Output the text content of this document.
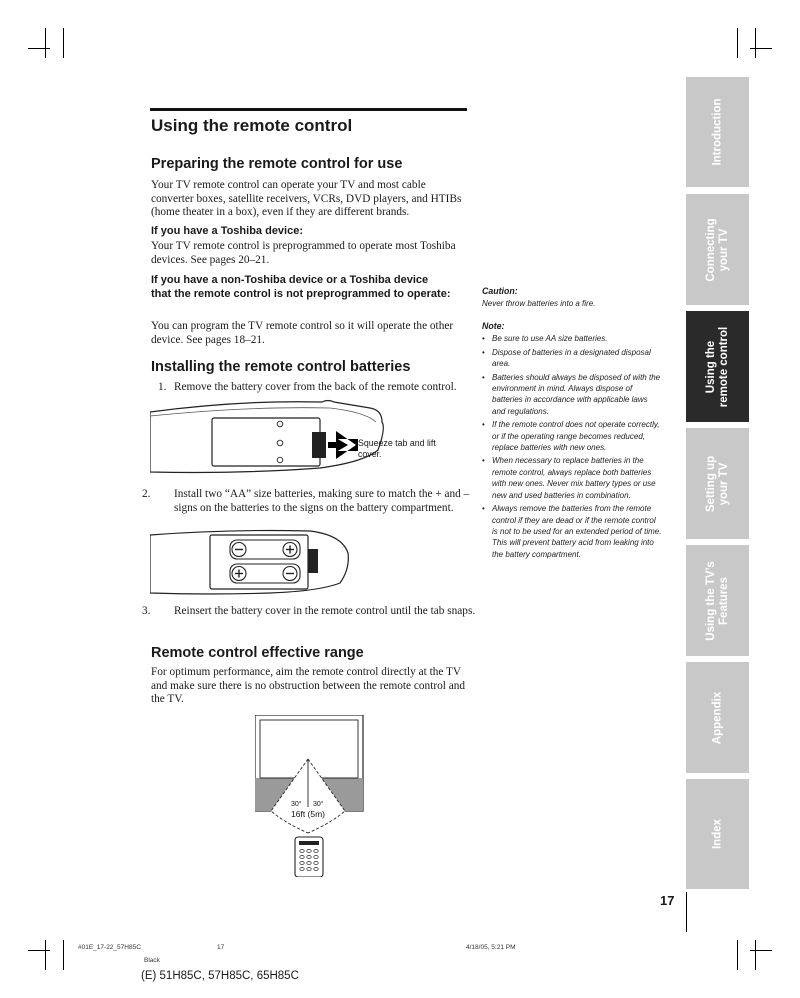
Using the remote control
Preparing the remote control for use

Your TV remote control can operate your TV and most cable converter boxes, satellite receivers, VCRs, DVD players, and HTIBs (home theater in a box), even if they are different brands.

If you have a Toshiba device:

Your TV remote control is preprogrammed to operate most Toshiba devices. See pages 20–21.

If you have a non-Toshiba device or a Toshiba device that the remote control is not preprogrammed to operate:

You can program the TV remote control so it will operate the other device. See pages 18–21.

Installing the remote control batteries
1. Remove the battery cover from the back of the remote control.
Squeeze tab and lift cover.
2. Install two “AA” size batteries, making sure to match the + and – signs on the batteries to the signs on the battery compartment.
3. Reinsert the battery cover in the remote control until the tab snaps.
Remote control effective range

For optimum performance, aim the remote control directly at the TV and make sure there is no obstruction between the remote control and the TV.

30° 30°
16ft (5m)
Caution:

Never throw batteries into a fire.

Note:
• Be sure to use AA size batteries.
• Dispose of batteries in a designated disposal area.
• Batteries should always be disposed of with the environment in mind. Always dispose of batteries in accordance with applicable laws and regulations.
• If the remote control does not operate correctly, or if the operating range becomes reduced, replace batteries with new ones.
• When necessary to replace batteries in the remote control, always replace both batteries with new ones. Never mix battery types or use new and used batteries in combination.
• Always remove the batteries from the remote control if they are dead or if the remote control is not to be used for an extended period of time. This will prevent battery acid from leaking into the battery compartment.
Introduction
Connecting your TV
Using the remote control
Setting up your TV
Using the TV’s Features
Appendix
Index
17
#01E_17-22_57H85C	17	4/18/05, 5:21 PM
Black
(E) 51H85C, 57H85C, 65H85C
